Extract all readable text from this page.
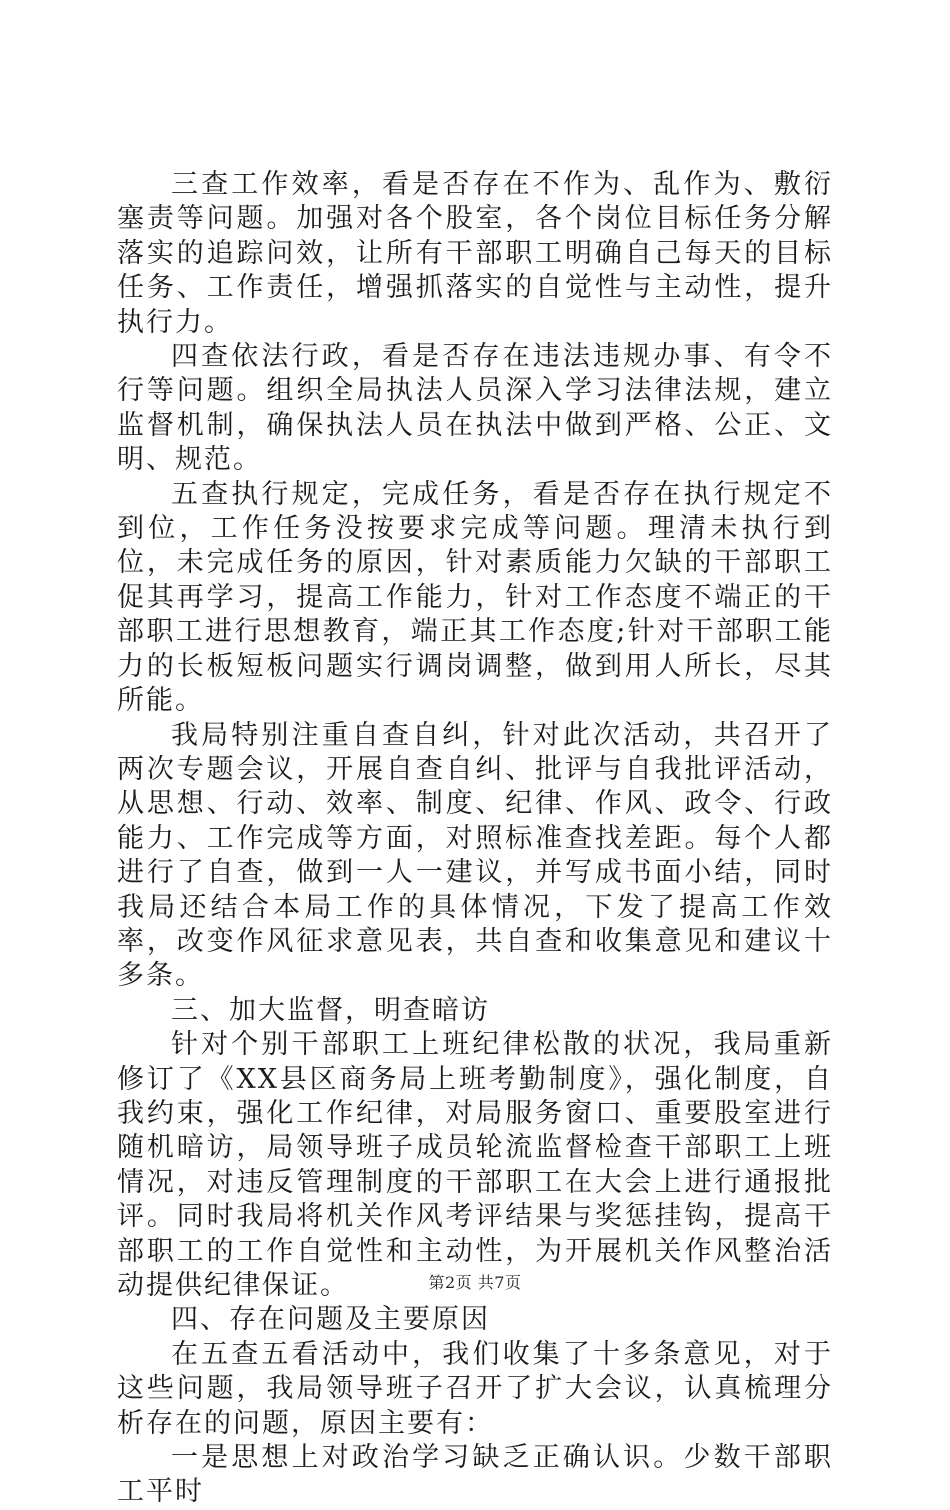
三查工作效率，看是否存在不作为、乱作为、敷衍塞责等问题。加强对各个股室，各个岗位目标任务分解落实的追踪问效，让所有干部职工明确自己每天的目标任务、工作责任，增强抓落实的自觉性与主动性，提升执行力。

四查依法行政，看是否存在违法违规办事、有令不行等问题。组织全局执法人员深入学习法律法规，建立监督机制，确保执法人员在执法中做到严格、公正、文明、规范。

五查执行规定，完成任务，看是否存在执行规定不到位，工作任务没按要求完成等问题。理清未执行到位，未完成任务的原因，针对素质能力欠缺的干部职工促其再学习，提高工作能力，针对工作态度不端正的干部职工进行思想教育，端正其工作态度;针对干部职工能力的长板短板问题实行调岗调整，做到用人所长，尽其所能。

我局特别注重自查自纠，针对此次活动，共召开了两次专题会议，开展自查自纠、批评与自我批评活动，从思想、行动、效率、制度、纪律、作风、政令、行政能力、工作完成等方面，对照标准查找差距。每个人都进行了自查，做到一人一建议，并写成书面小结，同时我局还结合本局工作的具体情况，下发了提高工作效率，改变作风征求意见表，共自查和收集意见和建议十多条。

三、加大监督，明查暗访

针对个别干部职工上班纪律松散的状况，我局重新修订了《XX县区商务局上班考勤制度》，强化制度，自我约束，强化工作纪律，对局服务窗口、重要股室进行随机暗访，局领导班子成员轮流监督检查干部职工上班情况，对违反管理制度的干部职工在大会上进行通报批评。同时我局将机关作风考评结果与奖惩挂钩，提高干部职工的工作自觉性和主动性，为开展机关作风整治活动提供纪律保证。

四、存在问题及主要原因

在五查五看活动中，我们收集了十多条意见，对于这些问题，我局领导班子召开了扩大会议，认真梳理分析存在的问题，原因主要有：

一是思想上对政治学习缺乏正确认识。少数干部职工平时

第2页 共7页
